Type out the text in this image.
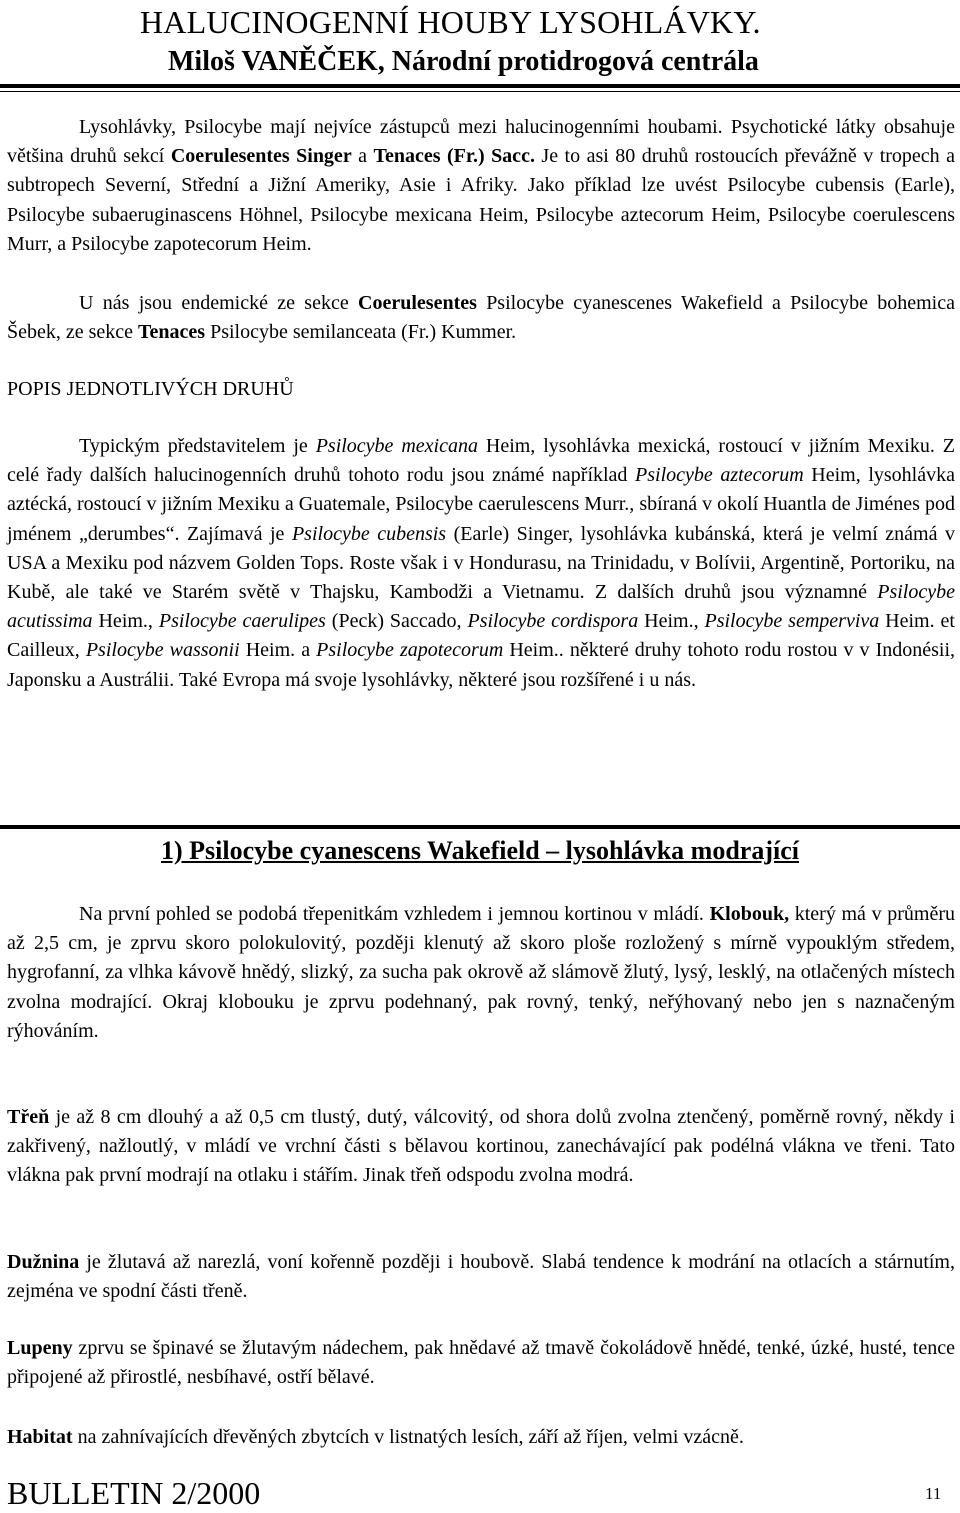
HALUCINOGENNÍ HOUBY LYSOHLÁVKY.
Miloš VANĚČEK, Národní protidrogová centrála

Lysohlávky, Psilocybe mají nejvíce zástupců mezi halucinogenními houbami. Psychotické látky obsahuje většina druhů sekcí Coerulesentes Singer a Tenaces (Fr.) Sacc. Je to asi 80 druhů rostoucích převážně v tropech a subtropech Severní, Střední a Jižní Ameriky, Asie i Afriky. Jako příklad lze uvést Psilocybe cubensis (Earle), Psilocybe subaeruginascens Höhnel, Psilocybe mexicana Heim, Psilocybe aztecorum Heim, Psilocybe coerulescens Murr, a Psilocybe zapotecorum Heim.

U nás jsou endemické ze sekce Coerulesentes Psilocybe cyanescenes Wakefield a Psilocybe bohemica Šebek, ze sekce Tenaces Psilocybe semilanceata (Fr.) Kummer.

POPIS JEDNOTLIVÝCH DRUHŮ

Typickým představitelem je Psilocybe mexicana Heim, lysohlávka mexická, rostoucí v jižním Mexiku. Z celé řady dalších halucinogenních druhů tohoto rodu jsou známé například Psilocybe aztecorum Heim, lysohlávka aztécká, rostoucí v jižním Mexiku a Guatemale, Psilocybe caerulescens Murr., sbíraná v okolí Huantla de Jiménes pod jménem „derumbes“. Zajímavá je Psilocybe cubensis (Earle) Singer, lysohlávka kubánská, která je velmí známá v USA a Mexiku pod názvem Golden Tops. Roste však i v Hondurasu, na Trinidadu, v Bolívii, Argentině, Portoriku, na Kubě, ale také ve Starém světě v Thajsku, Kambodži a Vietnamu. Z dalších druhů jsou významné Psilocybe acutissima Heim., Psilocybe caerulipes (Peck) Saccado, Psilocybe cordispora Heim., Psilocybe semperviva Heim. et Cailleux, Psilocybe wassonii Heim. a Psilocybe zapotecorum Heim.. některé druhy tohoto rodu rostou v v Indonésii, Japonsku a Austrálii. Také Evropa má svoje lysohlávky, některé jsou rozšířené i u nás.

1) Psilocybe cyanescens Wakefield – lysohlávka modrající

Na první pohled se podobá třepenitkám vzhledem i jemnou kortinou v mládí. Klobouk, který má v průměru až 2,5 cm, je zprvu skoro polokulovitý, později klenutý až skoro ploše rozložený s mírně vypouklým středem, hygrofanní, za vlhka kávově hnědý, slizký, za sucha pak okrově až slámově žlutý, lysý, lesklý, na otlačených místech zvolna modrající. Okraj klobouku je zprvu podehnaný, pak rovný, tenký, neřýhovaný nebo jen s naznačeným rýhováním.

Třeň je až 8 cm dlouhý a až 0,5 cm tlustý, dutý, válcovitý, od shora dolů zvolna ztenčený, poměrně rovný, někdy i zakřivený, nažloutlý, v mládí ve vrchní části s bělavou kortinou, zanechávající pak podélná vlákna ve třeni. Tato vlákna pak první modrají na otlaku i stářím. Jinak třeň odspodu zvolna modrá.

Dužnina je žlutavá až narezlá, voní kořenně později i houbově. Slabá tendence k modrání na otlacích a stárnutím, zejména ve spodní části třeně.

Lupeny zprvu se špinavé se žlutavým nádechem, pak hnědavé až tmavě čokoládově hnědé, tenké, úzké, husté, tence připojené až přirostlé, nesbíhavé, ostří bělavé.

Habitat na zahnívajících dřevěných zbytcích v listnatých lesích, září až říjen, velmi vzácně.

BULLETIN 2/2000	11
